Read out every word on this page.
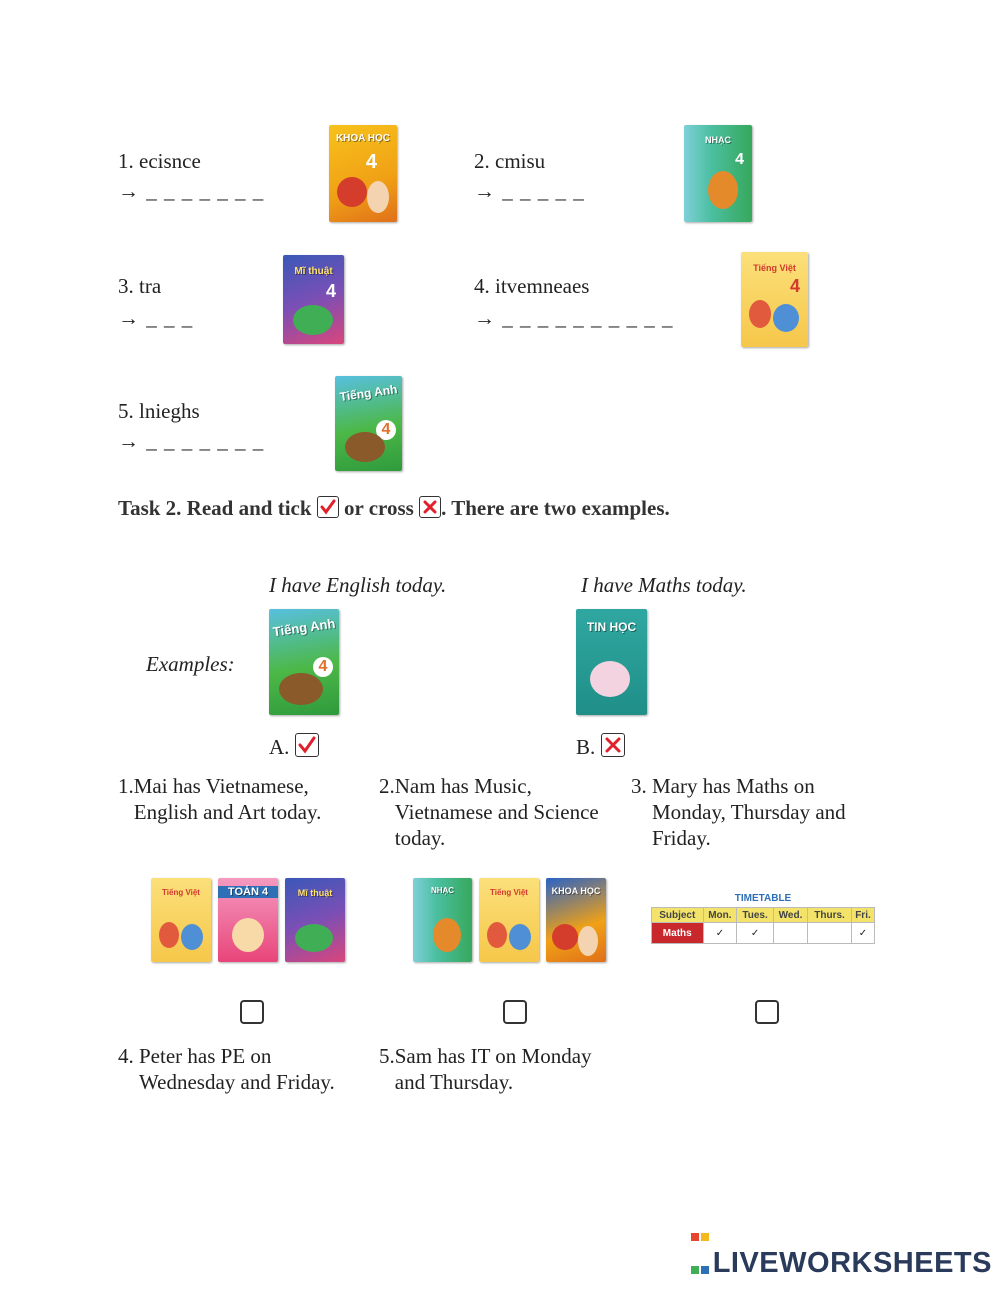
1. ecisnce
→ _ _ _ _ _ _ _
KHOA HỌC
4	2. cmisu
→ _ _ _ _ _
NHẠC
4
3. tra
→ _ _ _
Mĩ thuật
4	4. itvemneaes
→ _ _ _ _ _ _ _ _ _ _
Tiếng Việt
4
5. lnieghs
→ _ _ _ _ _ _ _
Tiếng Anh
4
Task 2. Read and tick or cross . There are two examples.
I have English today.	I have Maths today.
Examples:
Tiếng Anh
4
TIN HỌC
A.	B.
1.Mai has Vietnamese, English and Art today.
2.Nam has Music, Vietnamese and Science today.
3. Mary has Maths on Monday, Thursday and Friday.
Tiếng Việt	TOÁN 4	Mĩ thuật	NHẠC	Tiếng Việt	KHOA HỌC
TIMETABLE
Subject	Mon.	Tues.	Wed.	Thurs.	Fri.
Maths	✓	✓			✓
4. Peter has PE on Wednesday and Friday.
5.Sam has IT on Monday and Thursday.

LIVEWORKSHEETS
